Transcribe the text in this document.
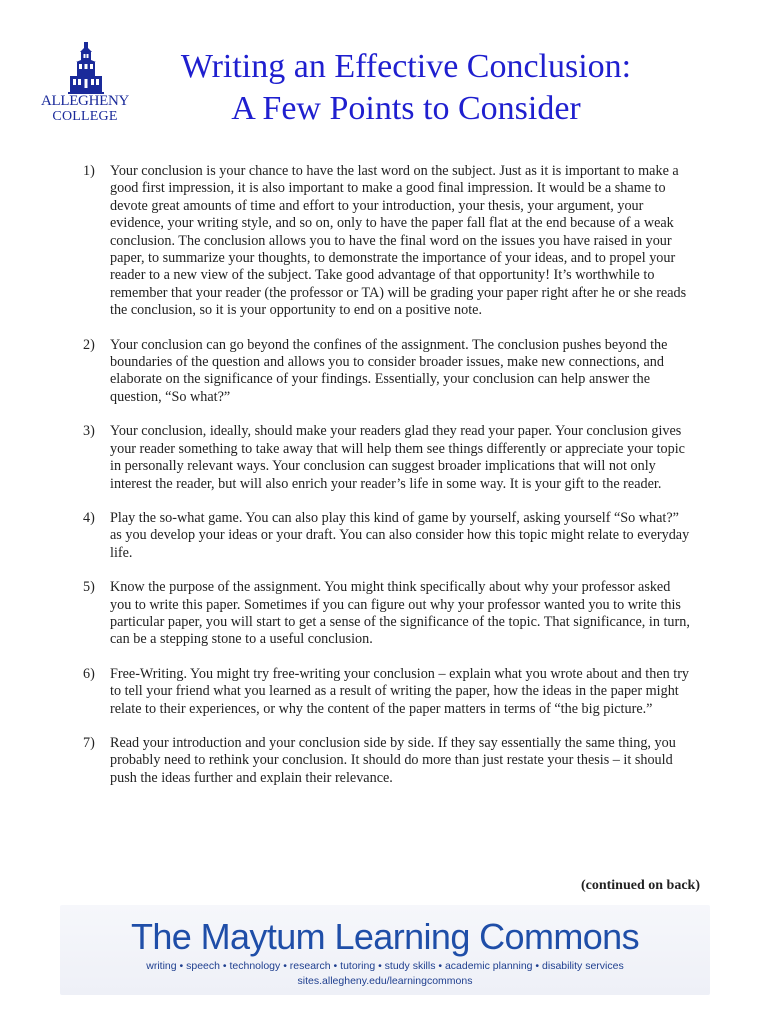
ALLEGHENY
COLLEGE
Writing an Effective Conclusion:
A Few Points to Consider
1)	Your conclusion is your chance to have the last word on the subject. Just as it is important to make a good first impression, it is also important to make a good final impression. It would be a shame to devote great amounts of time and effort to your introduction, your thesis, your argument, your evidence, your writing style, and so on, only to have the paper fall flat at the end because of a weak conclusion. The conclusion allows you to have the final word on the issues you have raised in your paper, to summarize your thoughts, to demonstrate the importance of your ideas, and to propel your reader to a new view of the subject. Take good advantage of that opportunity! It’s worthwhile to remember that your reader (the professor or TA) will be grading your paper right after he or she reads the conclusion, so it is your opportunity to end on a positive note.
2)	Your conclusion can go beyond the confines of the assignment. The conclusion pushes beyond the boundaries of the question and allows you to consider broader issues, make new connections, and elaborate on the significance of your findings. Essentially, your conclusion can help answer the question, “So what?”
3)	Your conclusion, ideally, should make your readers glad they read your paper. Your conclusion gives your reader something to take away that will help them see things differently or appreciate your topic in personally relevant ways. Your conclusion can suggest broader implications that will not only interest the reader, but will also enrich your reader’s life in some way. It is your gift to the reader.
4)	Play the so-what game. You can also play this kind of game by yourself, asking yourself “So what?” as you develop your ideas or your draft. You can also consider how this topic might relate to everyday life.
5)	Know the purpose of the assignment. You might think specifically about why your professor asked you to write this paper. Sometimes if you can figure out why your professor wanted you to write this particular paper, you will start to get a sense of the significance of the topic. That significance, in turn, can be a stepping stone to a useful conclusion.
6)	Free-Writing. You might try free-writing your conclusion – explain what you wrote about and then try to tell your friend what you learned as a result of writing the paper, how the ideas in the paper might relate to their experiences, or why the content of the paper matters in terms of “the big picture.”
7)	Read your introduction and your conclusion side by side. If they say essentially the same thing, you probably need to rethink your conclusion. It should do more than just restate your thesis – it should push the ideas further and explain their relevance.
(continued on back)
The Maytum Learning Commons
writing • speech • technology • research • tutoring • study skills • academic planning • disability services
sites.allegheny.edu/learningcommons
